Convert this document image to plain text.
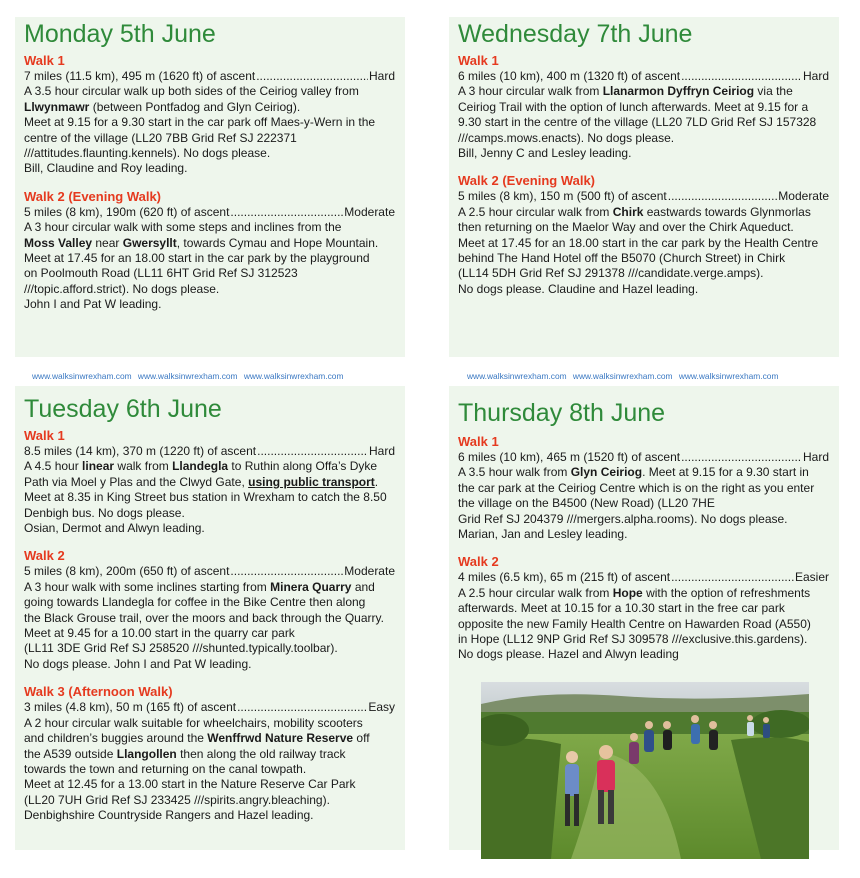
Monday 5th June

Walk 1

7 miles (11.5 km), 495 m (1620 ft) of ascent .....	Hard

A 3.5 hour circular walk up both sides of the Ceiriog valley from

Llwynmawr (between Pontfadog and Glyn Ceiriog).

Meet at 9.15 for a 9.30 start in the car park off Maes-y-Wern in the

centre of the village (LL20 7BB Grid Ref SJ 222371

///attitudes.flaunting.kennels). No dogs please.

Bill, Claudine and Roy leading.

Walk 2 (Evening Walk)

5 miles (8 km), 190m (620 ft) of ascent .....	Moderate

A 3 hour circular walk with some steps and inclines from the

Moss Valley near Gwersyllt, towards Cymau and Hope Mountain.

Meet at 17.45 for an 18.00 start in the car park by the playground

on Poolmouth Road (LL11 6HT Grid Ref SJ 312523

///topic.afford.strict). No dogs please.

John I and Pat W leading.

www.walksinwrexham.com www.walksinwrexham.com www.walksinwrexham.com
Tuesday 6th June

Walk 1

8.5 miles (14 km), 370 m (1220 ft) of ascent .....	Hard

A 4.5 hour linear walk from Llandegla to Ruthin along Offa’s Dyke

Path via Moel y Plas and the Clwyd Gate, using public transport.

Meet at 8.35 in King Street bus station in Wrexham to catch the 8.50

Denbigh bus. No dogs please.

Osian, Dermot and Alwyn leading.

Walk 2

5 miles (8 km), 200m (650 ft) of ascent .....	Moderate

A 3 hour walk with some inclines starting from Minera Quarry and

going towards Llandegla for coffee in the Bike Centre then along

the Black Grouse trail, over the moors and back through the Quarry.

Meet at 9.45 for a 10.00 start in the quarry car park

(LL11 3DE Grid Ref SJ 258520 ///shunted.typically.toolbar).

No dogs please. John I and Pat W leading.

Walk 3 (Afternoon Walk)

3 miles (4.8 km), 50 m (165 ft) of ascent .....	Easy

A 2 hour circular walk suitable for wheelchairs, mobility scooters

and children’s buggies around the Wenffrwd Nature Reserve off

the A539 outside Llangollen then along the old railway track

towards the town and returning on the canal towpath.

Meet at 12.45 for a 13.00 start in the Nature Reserve Car Park

(LL20 7UH Grid Ref SJ 233425 ///spirits.angry.bleaching).

Denbighshire Countryside Rangers and Hazel leading.

Wednesday 7th June

Walk 1

6 miles (10 km), 400 m (1320 ft) of ascent .....	Hard

A 3 hour circular walk from Llanarmon Dyffryn Ceiriog via the

Ceiriog Trail with the option of lunch afterwards. Meet at 9.15 for a

9.30 start in the centre of the village (LL20 7LD Grid Ref SJ 157328

///camps.mows.enacts). No dogs please.

Bill, Jenny C and Lesley leading.

Walk 2 (Evening Walk)

5 miles (8 km), 150 m (500 ft) of ascent .....	Moderate

A 2.5 hour circular walk from Chirk eastwards towards Glynmorlas

then returning on the Maelor Way and over the Chirk Aqueduct.

Meet at 17.45 for an 18.00 start in the car park by the Health Centre

behind The Hand Hotel off the B5070 (Church Street) in Chirk

(LL14 5DH Grid Ref SJ 291378 ///candidate.verge.amps).

No dogs please. Claudine and Hazel leading.

www.walksinwrexham.com www.walksinwrexham.com www.walksinwrexham.com
Thursday 8th June

Walk 1

6 miles (10 km), 465 m (1520 ft) of ascent .....	Hard

A 3.5 hour walk from Glyn Ceiriog. Meet at 9.15 for a 9.30 start in

the car park at the Ceiriog Centre which is on the right as you enter

the village on the B4500 (New Road) (LL20 7HE

Grid Ref SJ 204379 ///mergers.alpha.rooms). No dogs please.

Marian, Jan and Lesley leading.

Walk 2

4 miles (6.5 km), 65 m (215 ft) of ascent .....	Easier

A 2.5 hour circular walk from Hope with the option of refreshments

afterwards. Meet at 10.15 for a 10.30 start in the free car park

opposite the new Family Health Centre on Hawarden Road (A550)

in Hope (LL12 9NP Grid Ref SJ 309578 ///exclusive.this.gardens).

No dogs please. Hazel and Alwyn leading
